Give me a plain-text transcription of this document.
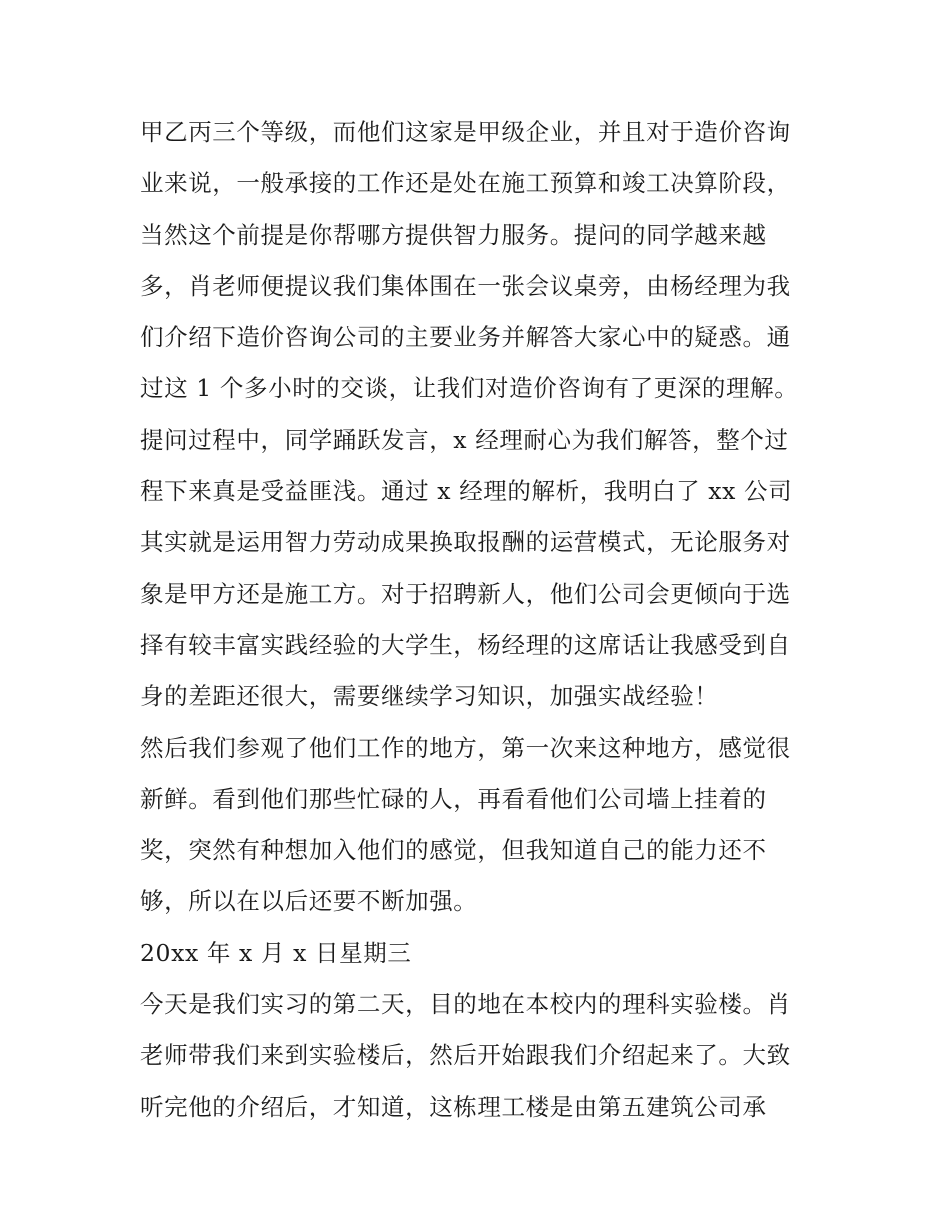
甲乙丙三个等级，而他们这家是甲级企业，并且对于造价咨询
业来说，一般承接的工作还是处在施工预算和竣工决算阶段，
当然这个前提是你帮哪方提供智力服务。提问的同学越来越
多，肖老师便提议我们集体围在一张会议桌旁，由杨经理为我
们介绍下造价咨询公司的主要业务并解答大家心中的疑惑。通
过这 1 个多小时的交谈，让我们对造价咨询有了更深的理解。
提问过程中，同学踊跃发言，x 经理耐心为我们解答，整个过
程下来真是受益匪浅。通过 x 经理的解析，我明白了 xx 公司
其实就是运用智力劳动成果换取报酬的运营模式，无论服务对
象是甲方还是施工方。对于招聘新人，他们公司会更倾向于选
择有较丰富实践经验的大学生，杨经理的这席话让我感受到自
身的差距还很大，需要继续学习知识，加强实战经验！
然后我们参观了他们工作的地方，第一次来这种地方，感觉很
新鲜。看到他们那些忙碌的人，再看看他们公司墙上挂着的
奖，突然有种想加入他们的感觉，但我知道自己的能力还不
够，所以在以后还要不断加强。
20xx 年 x 月 x 日星期三
今天是我们实习的第二天，目的地在本校内的理科实验楼。肖
老师带我们来到实验楼后，然后开始跟我们介绍起来了。大致
听完他的介绍后，才知道，这栋理工楼是由第五建筑公司承
